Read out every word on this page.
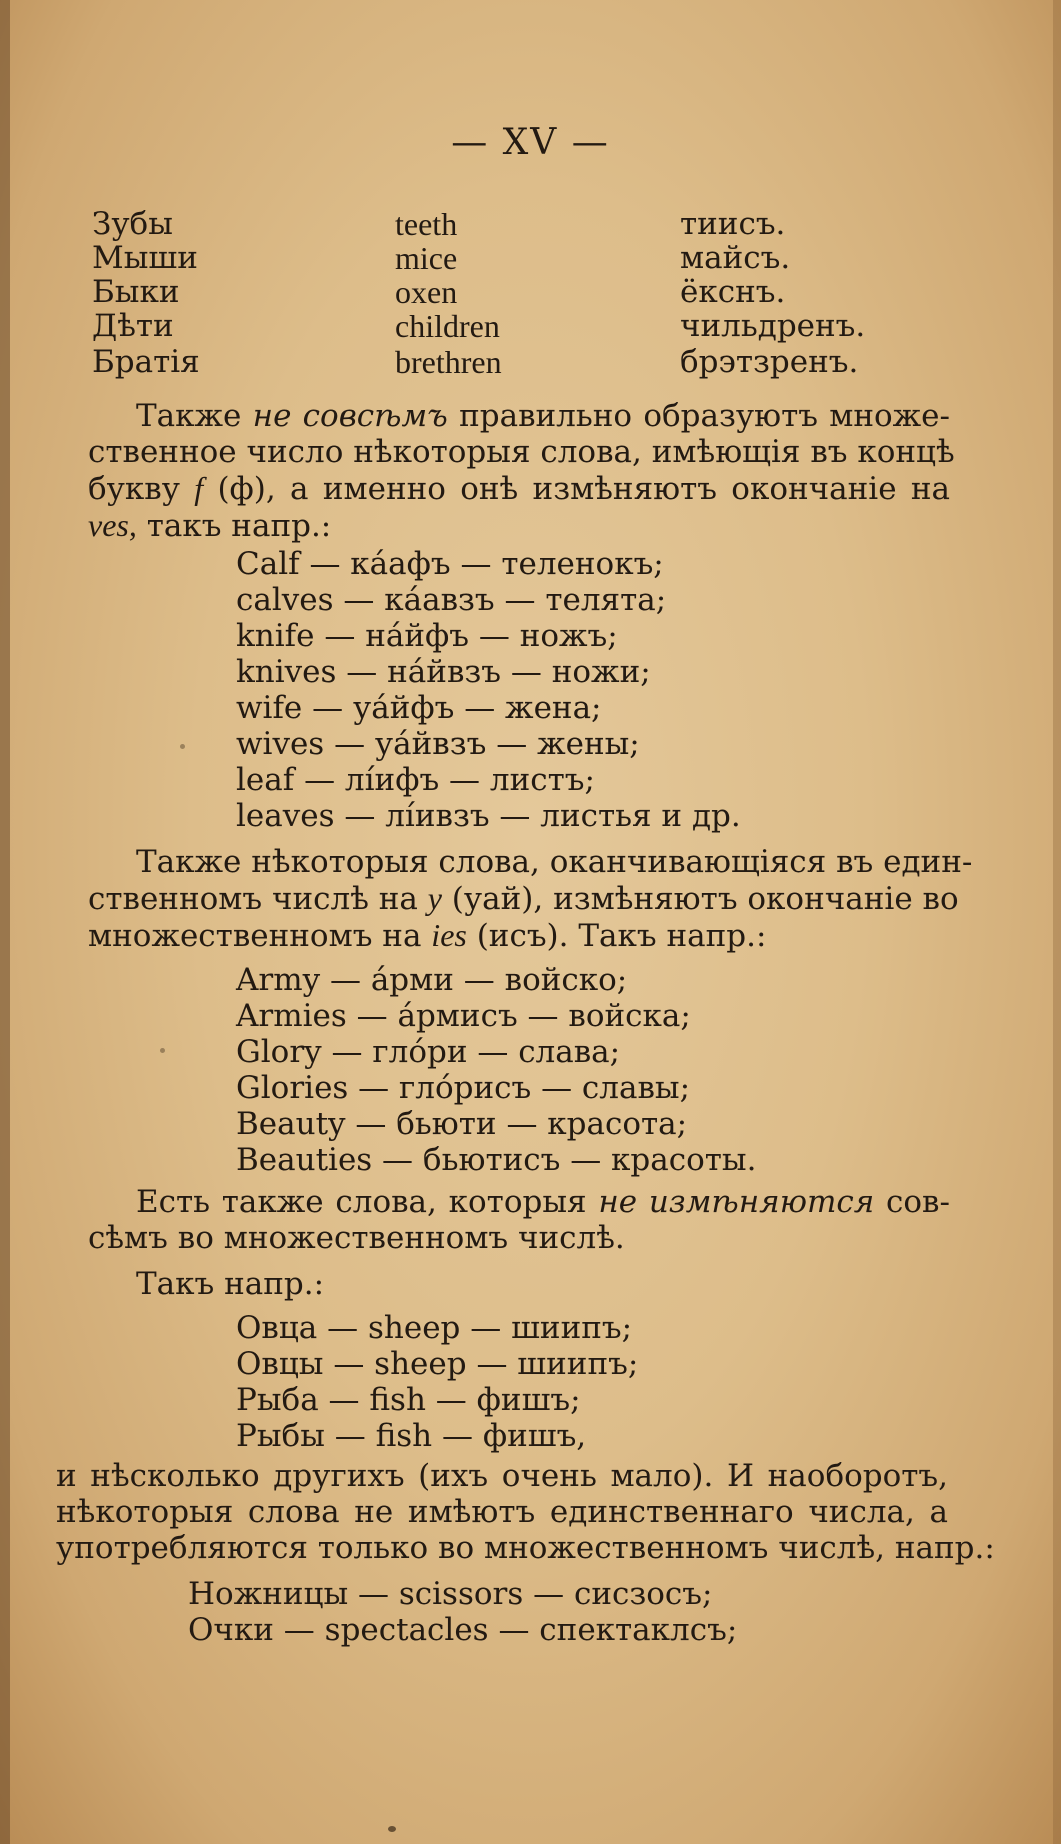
— XV —
Зубы	teeth	тиисъ.
Мыши	mice	майсъ.
Быки	oxen	ёкснъ.
Дѣти	children	чильдренъ.
Братія	brethren	брэтзренъ.
Также не совсѣмъ правильно образуютъ множе-
ственное число нѣкоторыя слова, имѣющія въ концѣ
букву f (ф), а именно онѣ измѣняютъ окончаніе на
ves, такъ напр.:
Calf — кáафъ — теленокъ;
calves — кáавзъ — телята;
knife — нáйфъ — ножъ;
knives — нáйвзъ — ножи;
wife — уáйфъ — жена;
wives — уáйвзъ — жены;
leaf — лíифъ — листъ;
leaves — лíивзъ — листья и др.
Также нѣкоторыя слова, оканчивающіяся въ един-
ственномъ числѣ на y (уай), измѣняютъ окончаніе во
множественномъ на ies (исъ). Такъ напр.:
Army — áрми — войско;
Armies — áрмисъ — войска;
Glory — глóри — слава;
Glories — глóрисъ — славы;
Beauty — бьюти — красота;
Beauties — бьютисъ — красоты.
Есть также слова, которыя не измѣняются сов-
сѣмъ во множественномъ числѣ.
Такъ напр.:
Овца — sheep — шиипъ;
Овцы — sheep — шиипъ;
Рыба — fish — фишъ;
Рыбы — fish — фишъ,
и нѣсколько другихъ (ихъ очень мало). И наоборотъ,
нѣкоторыя слова не имѣютъ единственнаго числа, а
употребляются только во множественномъ числѣ, напр.:
Ножницы — scissors — сисзосъ;
Очки — spectacles — спектаклсъ;
